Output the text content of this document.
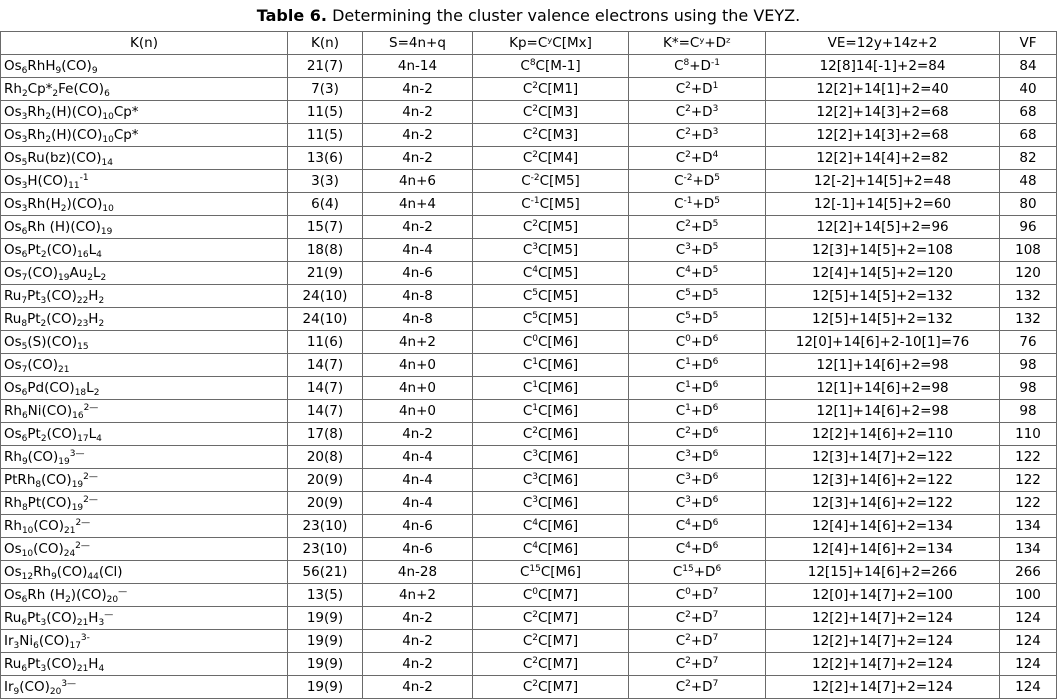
Table 6. Determining the cluster valence electrons using the VEYZ.
K(n)	K(n)	S=4n+q	Kp=CʸC[Mx]	K*=Cʸ+Dᶻ	VE=12y+14z+2	VF
$Os_6RhH_9(CO)_9$	21(7)	4n-14	$C^8C[M-1]$	$C^8+D^{-1}$	12[8]14[-1]+2=84	84
$Rh_2Cp*_2Fe(CO)_6$	7(3)	4n-2	$C^2C[M1]$	$C^2+D^1$	12[2]+14[1]+2=40	40
$Os_3Rh_2(H)(CO)_{10}Cp*$	11(5)	4n-2	$C^2C[M3]$	$C^2+D^3$	12[2]+14[3]+2=68	68
$Os_3Rh_2(H)(CO)_{10}Cp*$	11(5)	4n-2	$C^2C[M3]$	$C^2+D^3$	12[2]+14[3]+2=68	68
$Os_5Ru(bz)(CO)_{14}$	13(6)	4n-2	$C^2C[M4]$	$C^2+D^4$	12[2]+14[4]+2=82	82
$Os_3H(CO)_{11}^{-1}$	3(3)	4n+6	$C^{-2}C[M5]$	$C^{-2}+D^5$	12[-2]+14[5]+2=48	48
$Os_3Rh(H_2)(CO)_{10}$	6(4)	4n+4	$C^{-1}C[M5]$	$C^{-1}+D^5$	12[-1]+14[5]+2=60	80
$Os_6Rh$ $(H)(CO)_{19}$	15(7)	4n-2	$C^2C[M5]$	$C^2+D^5$	12[2]+14[5]+2=96	96
$Os_6Pt_2(CO)_{16}L_4$	18(8)	4n-4	$C^3C[M5]$	$C^3+D^5$	12[3]+14[5]+2=108	108
$Os_7(CO)_{19}Au_2L_2$	21(9)	4n-6	$C^4C[M5]$	$C^4+D^5$	12[4]+14[5]+2=120	120
$Ru_7Pt_3(CO)_{22}H_2$	24(10)	4n-8	$C^5C[M5]$	$C^5+D^5$	12[5]+14[5]+2=132	132
$Ru_8Pt_2(CO)_{23}H_2$	24(10)	4n-8	$C^5C[M5]$	$C^5+D^5$	12[5]+14[5]+2=132	132
$Os_5(S)(CO)_{15}$	11(6)	4n+2	$C^0C[M6]$	$C^0+D^6$	12[0]+14[6]+2-10[1]=76	76
$Os_7(CO)_{21}$	14(7)	4n+0	$C^1C[M6]$	$C^1+D^6$	12[1]+14[6]+2=98	98
$Os_6Pd(CO)_{18}L_2$	14(7)	4n+0	$C^1C[M6]$	$C^1+D^6$	12[1]+14[6]+2=98	98
$Rh_6Ni(CO)_{16}^{2—}$	14(7)	4n+0	$C^1C[M6]$	$C^1+D^6$	12[1]+14[6]+2=98	98
$Os_6Pt_2(CO)_{17}L_4$	17(8)	4n-2	$C^2C[M6]$	$C^2+D^6$	12[2]+14[6]+2=110	110
$Rh_9(CO)_{19}^{3—}$	20(8)	4n-4	$C^3C[M6]$	$C^3+D^6$	12[3]+14[7]+2=122	122
$PtRh_8(CO)_{19}^{2—}$	20(9)	4n-4	$C^3C[M6]$	$C^3+D^6$	12[3]+14[6]+2=122	122
$Rh_8Pt(CO)_{19}^{2—}$	20(9)	4n-4	$C^3C[M6]$	$C^3+D^6$	12[3]+14[6]+2=122	122
$Rh_{10}(CO)_{21}^{2—}$	23(10)	4n-6	$C^4C[M6]$	$C^4+D^6$	12[4]+14[6]+2=134	134
$Os_{10}(CO)_{24}^{2—}$	23(10)	4n-6	$C^4C[M6]$	$C^4+D^6$	12[4]+14[6]+2=134	134
$Os_{12}Rh_9(CO)_{44}(Cl)$	56(21)	4n-28	$C^{15}C[M6]$	$C^{15}+D^6$	12[15]+14[6]+2=266	266
$Os_6Rh$ $(H_2)(CO)_{20}^—$	13(5)	4n+2	$C^0C[M7]$	$C^0+D^7$	12[0]+14[7]+2=100	100
$Ru_6Pt_3(CO)_{21}H_3^—$	19(9)	4n-2	$C^2C[M7]$	$C^2+D^7$	12[2]+14[7]+2=124	124
$Ir_3Ni_6(CO)_{17}^{3-}$	19(9)	4n-2	$C^2C[M7]$	$C^2+D^7$	12[2]+14[7]+2=124	124
$Ru_6Pt_3(CO)_{21}H_4$	19(9)	4n-2	$C^2C[M7]$	$C^2+D^7$	12[2]+14[7]+2=124	124
$Ir_9(CO)_{20}^{3—}$	19(9)	4n-2	$C^2C[M7]$	$C^2+D^7$	12[2]+14[7]+2=124	124
